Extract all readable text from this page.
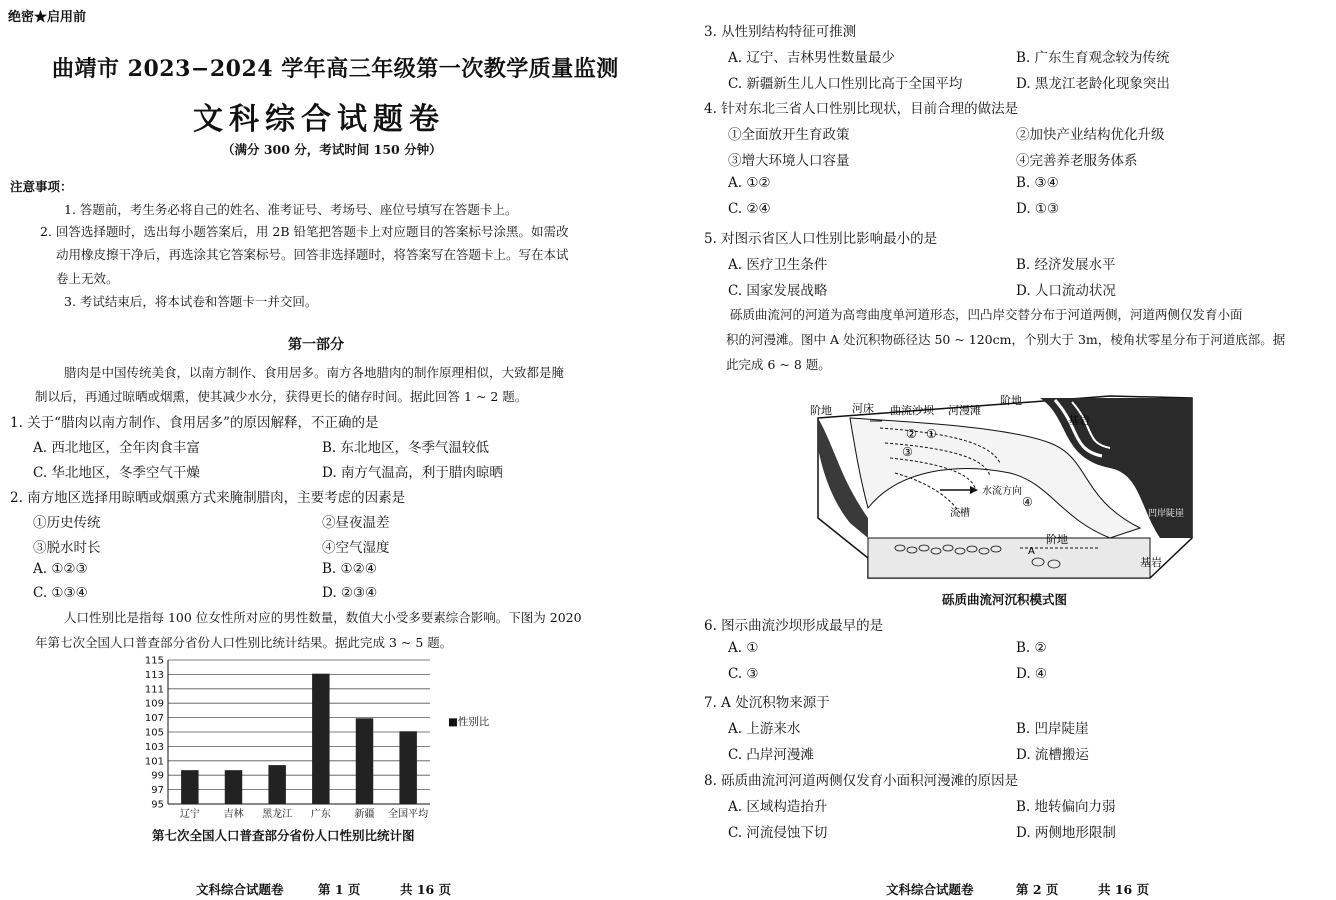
绝密★启用前
曲靖市 2023−2024 学年高三年级第一次教学质量监测
文科综合试题卷
（满分 300 分，考试时间 150 分钟）
注意事项：
1. 答题前，考生务必将自己的姓名、准考证号、考场号、座位号填写在答题卡上。
2. 回答选择题时，选出每小题答案后，用 2B 铅笔把答题卡上对应题目的答案标号涂黑。如需改
动用橡皮擦干净后，再选涂其它答案标号。回答非选择题时，将答案写在答题卡上。写在本试
卷上无效。
3. 考试结束后，将本试卷和答题卡一并交回。
第一部分
腊肉是中国传统美食，以南方制作、食用居多。南方各地腊肉的制作原理相似，大致都是腌
制以后，再通过晾晒或烟熏，使其减少水分，获得更长的储存时间。据此回答 1 ~ 2 题。
1. 关于“腊肉以南方制作、食用居多”的原因解释，不正确的是
A. 西北地区，全年肉食丰富	B. 东北地区，冬季气温较低
C. 华北地区，冬季空气干燥	D. 南方气温高，利于腊肉晾晒
2. 南方地区选择用晾晒或烟熏方式来腌制腊肉，主要考虑的因素是
①历史传统	②昼夜温差
③脱水时长	④空气湿度
A. ①②③	B. ①②④
C. ①③④	D. ②③④
人口性别比是指每 100 位女性所对应的男性数量，数值大小受多要素综合影响。下图为 2020
年第七次全国人口普查部分省份人口性别比统计结果。据此完成 3 ~ 5 题。
95
97
99
101
103
105
107
109
111
113
115
辽宁 吉林 黑龙江 广东 新疆 全国平均
■性别比
第七次全国人口普查部分省份人口性别比统计图
文科综合试题卷	第 1 页	共 16 页
3. 从性别结构特征可推测
A. 辽宁、吉林男性数量最少	B. 广东生育观念较为传统
C. 新疆新生儿人口性别比高于全国平均	D. 黑龙江老龄化现象突出
4. 针对东北三省人口性别比现状，目前合理的做法是
①全面放开生育政策	②加快产业结构优化升级
③增大环境人口容量	④完善养老服务体系
A. ①②	B. ③④
C. ②④	D. ①③
5. 对图示省区人口性别比影响最小的是
A. 医疗卫生条件	B. 经济发展水平
C. 国家发展战略	D. 人口流动状况
砾质曲流河的河道为高弯曲度单河道形态，凹凸岸交替分布于河道两侧，河道两侧仅发育小面
积的河漫滩。图中 A 处沉积物砾径达 50 ~ 120cm，个别大于 3m，棱角状零星分布于河道底部。据
此完成 6 ~ 8 题。
阶地 河床 曲流沙坝 河漫滩
阶地
基岩
水流方向
流槽	凹岸陡崖
阶地
基岩
A
①
②
③
④
砾质曲流河沉积模式图
6. 图示曲流沙坝形成最早的是
A. ①	B. ②
C. ③	D. ④
7. A 处沉积物来源于
A. 上游来水	B. 凹岸陡崖
C. 凸岸河漫滩	D. 流槽搬运
8. 砾质曲流河河道两侧仅发育小面积河漫滩的原因是
A. 区域构造抬升	B. 地转偏向力弱
C. 河流侵蚀下切	D. 两侧地形限制
文科综合试题卷	第 2 页	共 16 页
